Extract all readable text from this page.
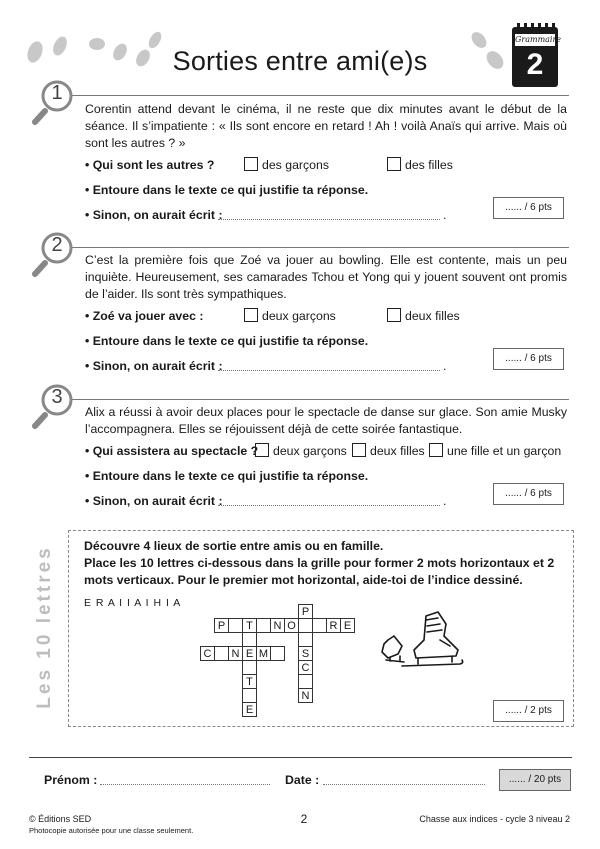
Sorties entre ami(e)s
Grammaire
2
1
Corentin attend devant le cinéma, il ne reste que dix minutes avant le début de la séance. Il s’impatiente : « Ils sont encore en retard ! Ah ! voilà Anaïs qui arrive. Mais où sont les autres ? »
• Qui sont les autres ?	des garçons	des filles
• Entoure dans le texte ce qui justifie ta réponse.
• Sinon, on aurait écrit :	.
...... / 6 pts
2
C’est la première fois que Zoé va jouer au bowling. Elle est contente, mais un peu inquiète. Heureusement, ses camarades Tchou et Yong qui y jouent souvent ont promis de l’aider. Ils sont très sympathiques.
• Zoé va jouer avec :	deux garçons	deux filles
• Entoure dans le texte ce qui justifie ta réponse.
• Sinon, on aurait écrit :	.
...... / 6 pts
3
Alix a réussi à avoir deux places pour le spectacle de danse sur glace. Son amie Musky l’accompagnera. Elles se réjouissent déjà de cette soirée fantastique.
• Qui assistera au spectacle ?	deux garçons	deux filles	une fille et un garçon
• Entoure dans le texte ce qui justifie ta réponse.
• Sinon, on aurait écrit :	.
...... / 6 pts
Les 10 lettres Découvre 4 lieux de sortie entre amis ou en famille.
Place les 10 lettres ci-dessous dans la grille pour former 2 mots horizontaux et 2 mots verticaux. Pour le premier mot horizontal, aide-toi de l’indice dessiné.
E R A I I A I H I A
P	T	N O	R E
C	N E M
T
E
P
S
C
N
...... / 2 pts
Prénom :	Date :	...... / 20 pts
© Éditions SED
Photocopie autorisée pour une classe seulement.
2	Chasse aux indices - cycle 3 niveau 2
